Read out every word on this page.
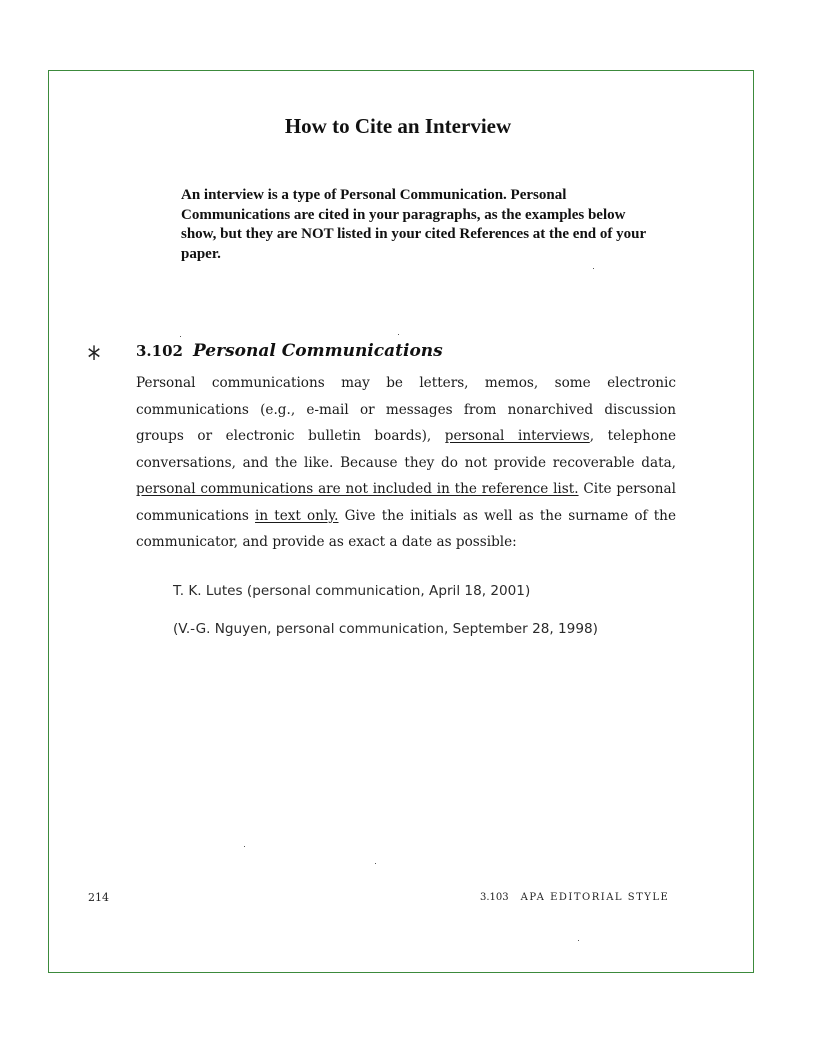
How to Cite an Interview

An interview is a type of Personal Communication. Personal Communications are cited in your paragraphs, as the examples below show, but they are NOT listed in your cited References at the end of your paper.

* 3.102 Personal Communications

Personal communications may be letters, memos, some electronic communications (e.g., e-mail or messages from nonarchived discussion groups or electronic bulletin boards), personal interviews, telephone conversations, and the like. Because they do not provide recoverable data, personal communications are not included in the reference list. Cite personal communications in text only. Give the initials as well as the surname of the communicator, and provide as exact a date as possible:

T. K. Lutes (personal communication, April 18, 2001)

(V.-G. Nguyen, personal communication, September 28, 1998)

214	3.103 APA EDITORIAL STYLE
